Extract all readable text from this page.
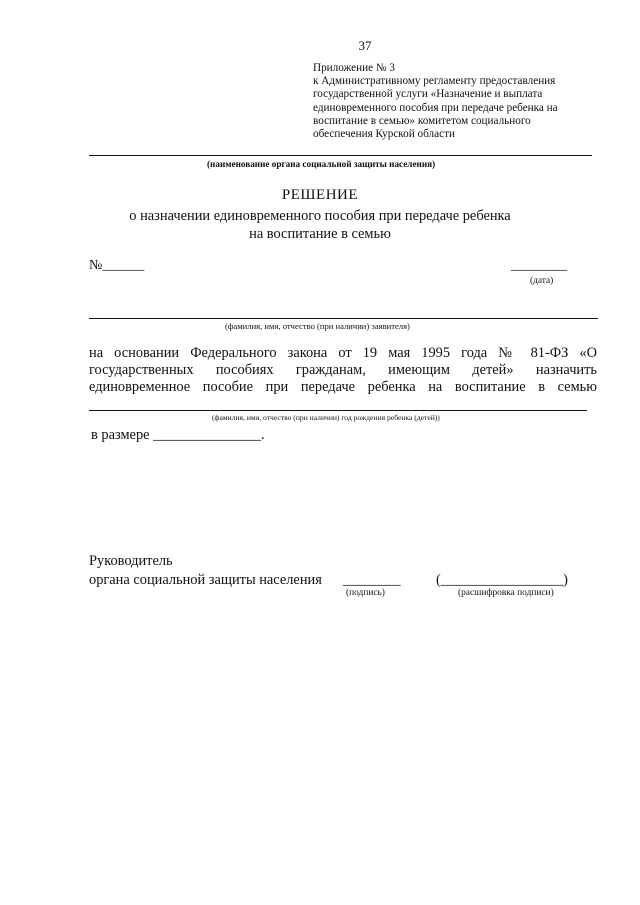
37
Приложение № 3
к Административному регламенту предоставления
государственной услуги «Назначение и выплата
единовременного пособия при передаче ребенка на
воспитание в семью» комитетом социального
обеспечения Курской области
(наименование органа социальной защиты населения)
РЕШЕНИЕ
о назначении единовременного пособия при передаче ребенка
на воспитание в семью
№______	________
(дата)
(фамилия, имя, отчество (при наличии) заявителя)
на основании Федерального закона от 19 мая 1995 года № 81-ФЗ «О
государственных пособиях гражданам, имеющим детей» назначить
единовременное пособие при передаче ребенка на воспитание в семью
(фамилия, имя, отчество (при наличии) год рождения ребенка (детей))
в размере _______________.
Руководитель
органа социальной защиты населения ________ (_________________)
(подпись)	(расшифровка подписи)
